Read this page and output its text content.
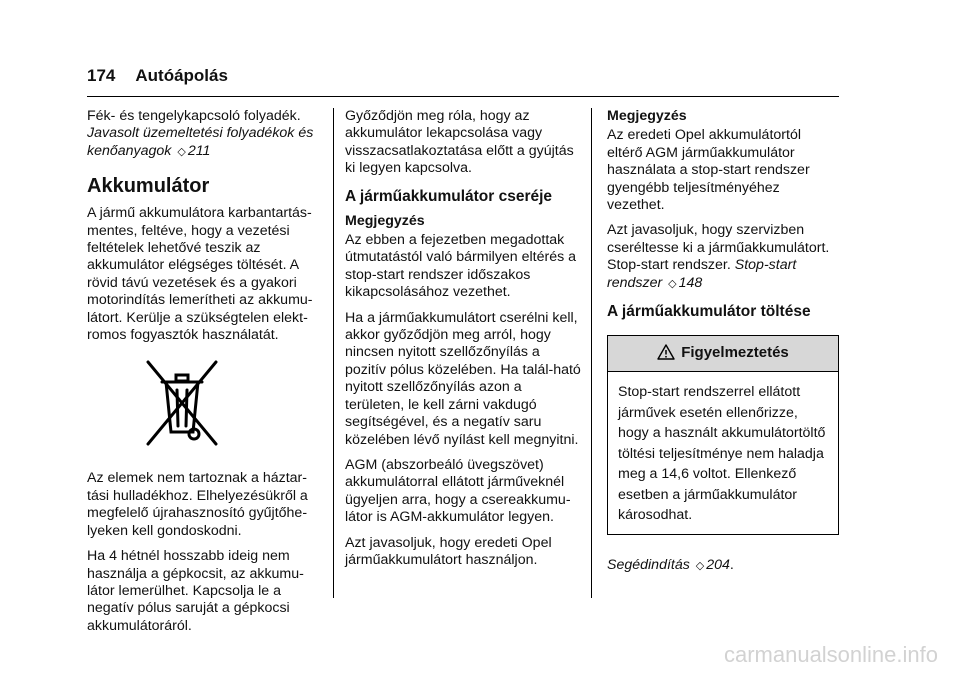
174 Autóápolás

Fék- és tengelykapcsoló folyadék.
Javasolt üzemeltetési folyadékok és kenőanyagok ◇ 211

Akkumulátor

A jármű akkumulátora karbantartás-mentes, feltéve, hogy a vezetési feltételek lehetővé teszik az akkumulátor elégséges töltését. A rövid távú vezetések és a gyakori motorindítás lemerítheti az akkumu-látort. Kerülje a szükségtelen elekt-romos fogyasztók használatát.

Az elemek nem tartoznak a háztar-tási hulladékhoz. Elhelyezésükről a megfelelő újrahasznosító gyűjtőhe-lyeken kell gondoskodni.

Ha 4 hétnél hosszabb ideig nem használja a gépkocsit, az akkumu-látor lemerülhet. Kapcsolja le a negatív pólus saruját a gépkocsi akkumulátoráról.

Győződjön meg róla, hogy az akkumulátor lekapcsolása vagy visszacsatlakoztatása előtt a gyújtás ki legyen kapcsolva.

A járműakkumulátor cseréje

Megjegyzés

Az ebben a fejezetben megadottak útmutatástól való bármilyen eltérés a stop-start rendszer időszakos kikapcsolásához vezethet.

Ha a járműakkumulátort cserélni kell, akkor győződjön meg arról, hogy nincsen nyitott szellőzőnyílás a pozitív pólus közelében. Ha talál-ható nyitott szellőzőnyílás azon a területen, le kell zárni vakdugó segítségével, és a negatív saru közelében lévő nyílást kell megnyitni.

AGM (abszorbeáló üvegszövet) akkumulátorral ellátott járműveknél ügyeljen arra, hogy a csereakkumu-látor is AGM-akkumulátor legyen.

Azt javasoljuk, hogy eredeti Opel járműakkumulátort használjon.

Megjegyzés

Az eredeti Opel akkumulátortól eltérő AGM járműakkumulátor használata a stop-start rendszer gyengébb teljesítményéhez vezethet.

Azt javasoljuk, hogy szervizben cseréltesse ki a járműakkumulátort. Stop-start rendszer. Stop-start rendszer ◇ 148

A járműakkumulátor töltése
Figyelmeztetés
Stop-start rendszerrel ellátott járművek esetén ellenőrizze, hogy a használt akkumulátortöltő töltési teljesítménye nem haladja meg a 14,6 voltot. Ellenkező esetben a járműakkumulátor károsodhat.

Segédindítás ◇ 204.

carmanualsonline.info
